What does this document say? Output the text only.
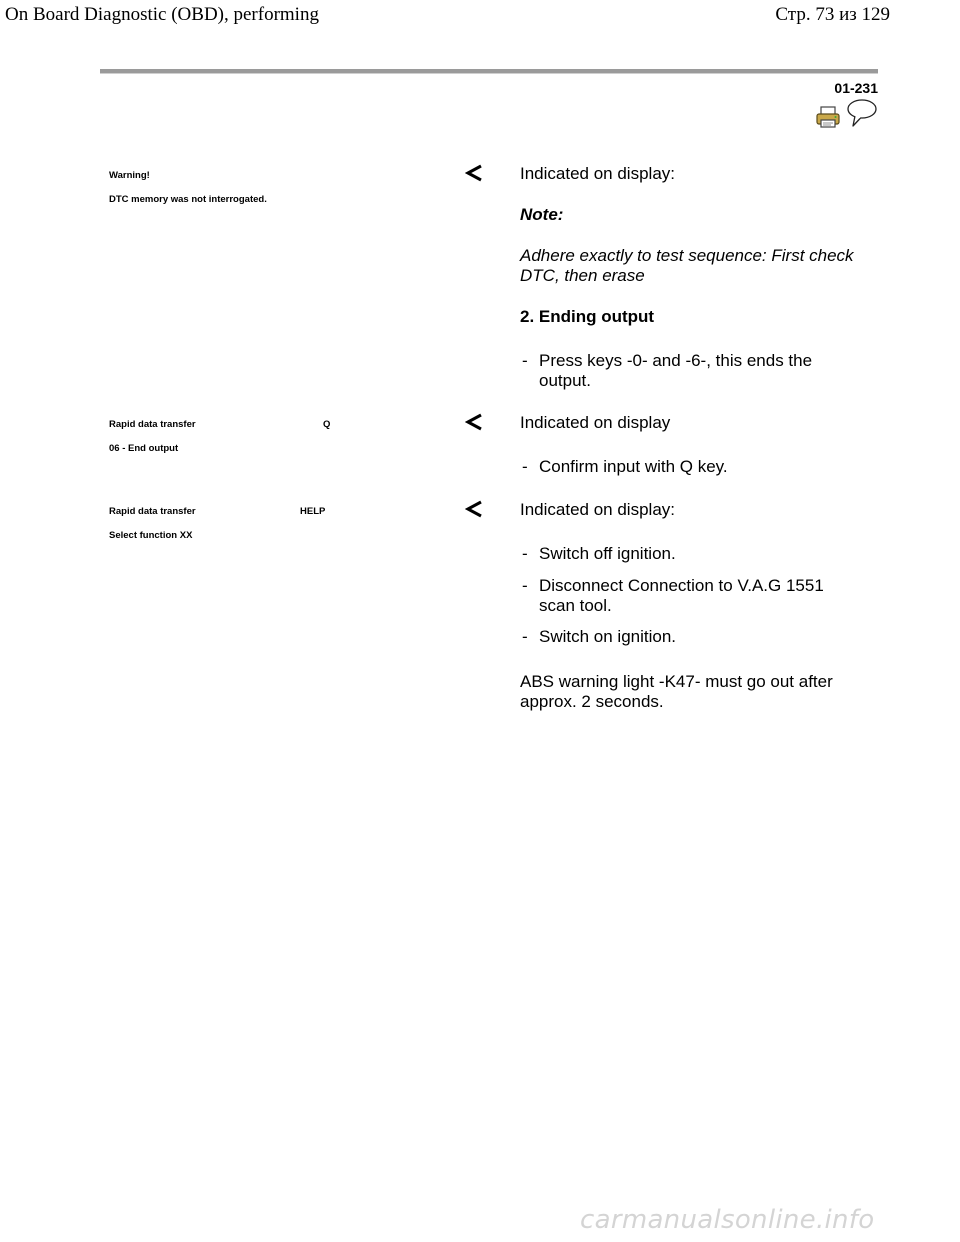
On Board Diagnostic (OBD), performing	Стр. 73 из 129
01-231
Warning!
DTC memory was not interrogated.
Indicated on display:
Note:
Adhere exactly to test sequence: First check DTC, then erase
2. Ending output
- Press keys -0- and -6-, this ends the output.
Rapid data transfer	Q
06 - End output
Indicated on display
- Confirm input with Q key.
Rapid data transfer	HELP
Select function XX
Indicated on display:
- Switch off ignition.
- Disconnect Connection to V.A.G 1551 scan tool.
- Switch on ignition.
ABS warning light -K47- must go out after approx. 2 seconds.
carmanualsonline.info
